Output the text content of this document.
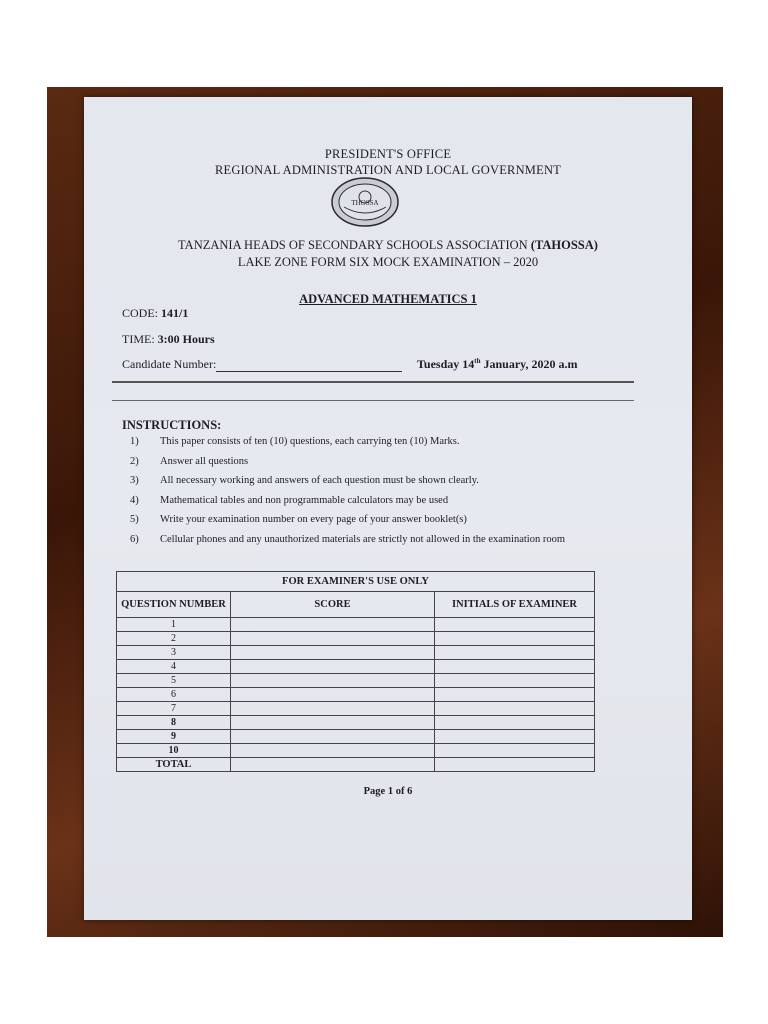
PRESIDENT'S OFFICE
REGIONAL ADMINISTRATION AND LOCAL GOVERNMENT
THOSSA
TANZANIA HEADS OF SECONDARY SCHOOLS ASSOCIATION (TAHOSSA)
LAKE ZONE FORM SIX MOCK EXAMINATION – 2020
ADVANCED MATHEMATICS 1
CODE: 141/1
TIME: 3:00 Hours
Candidate Number:	Tuesday 14th January, 2020 a.m
INSTRUCTIONS:
1) This paper consists of ten (10) questions, each carrying ten (10) Marks.
2) Answer all questions
3) All necessary working and answers of each question must be shown clearly.
4) Mathematical tables and non programmable calculators may be used
5) Write your examination number on every page of your answer booklet(s)
6) Cellular phones and any unauthorized materials are strictly not allowed in the examination room
FOR EXAMINER'S USE ONLY		
QUESTION NUMBER	SCORE	INITIALS OF EXAMINER
1		
2		
3		
4		
5		
6		
7		
8		
9		
10		
TOTAL		
Page 1 of 6
